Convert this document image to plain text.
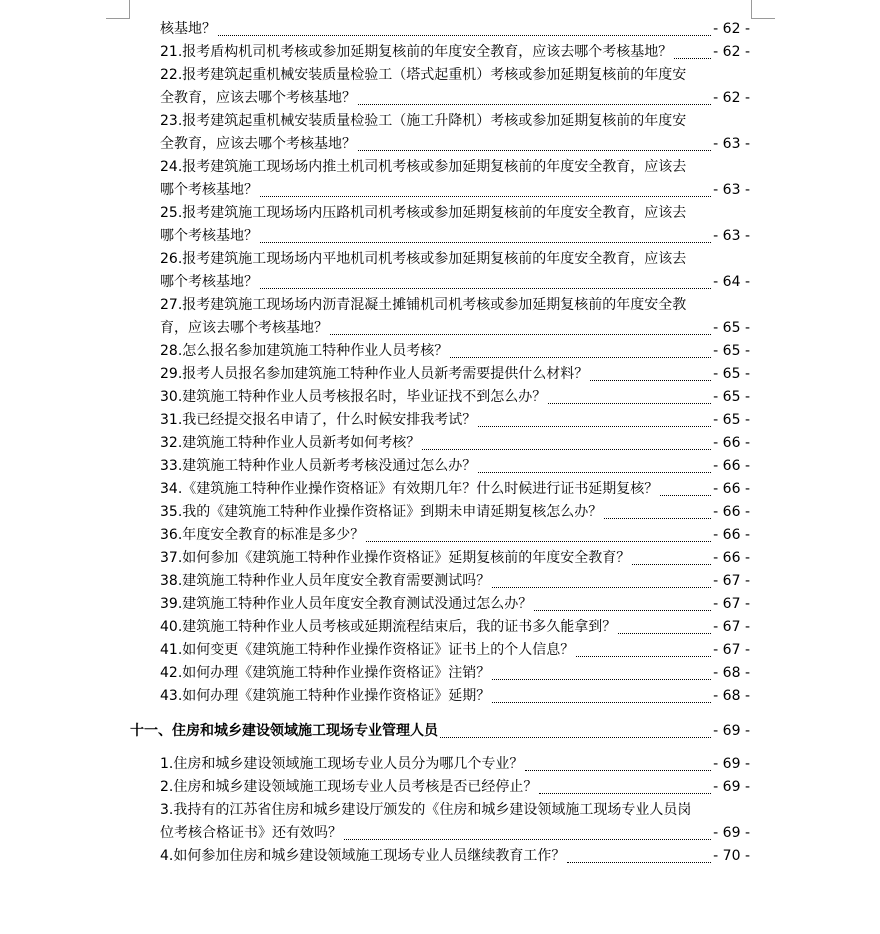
核基地？	- 62 -
21.报考盾构机司机考核或参加延期复核前的年度安全教育，应该去哪个考核基地？	- 62 -
22.报考建筑起重机械安装质量检验工（塔式起重机）考核或参加延期复核前的年度安
全教育，应该去哪个考核基地？	- 62 -
23.报考建筑起重机械安装质量检验工（施工升降机）考核或参加延期复核前的年度安
全教育，应该去哪个考核基地？	- 63 -
24.报考建筑施工现场场内推土机司机考核或参加延期复核前的年度安全教育，应该去
哪个考核基地？	- 63 -
25.报考建筑施工现场场内压路机司机考核或参加延期复核前的年度安全教育，应该去
哪个考核基地？	- 63 -
26.报考建筑施工现场场内平地机司机考核或参加延期复核前的年度安全教育，应该去
哪个考核基地？	- 64 -
27.报考建筑施工现场场内沥青混凝土摊铺机司机考核或参加延期复核前的年度安全教
育，应该去哪个考核基地？	- 65 -
28.怎么报名参加建筑施工特种作业人员考核？	- 65 -
29.报考人员报名参加建筑施工特种作业人员新考需要提供什么材料？	- 65 -
30.建筑施工特种作业人员考核报名时，毕业证找不到怎么办？	- 65 -
31.我已经提交报名申请了，什么时候安排我考试？	- 65 -
32.建筑施工特种作业人员新考如何考核？	- 66 -
33.建筑施工特种作业人员新考考核没通过怎么办？	- 66 -
34.《建筑施工特种作业操作资格证》有效期几年？什么时候进行证书延期复核？	- 66 -
35.我的《建筑施工特种作业操作资格证》到期未申请延期复核怎么办？	- 66 -
36.年度安全教育的标准是多少？	- 66 -
37.如何参加《建筑施工特种作业操作资格证》延期复核前的年度安全教育？	- 66 -
38.建筑施工特种作业人员年度安全教育需要测试吗？	- 67 -
39.建筑施工特种作业人员年度安全教育测试没通过怎么办？	- 67 -
40.建筑施工特种作业人员考核或延期流程结束后，我的证书多久能拿到？	- 67 -
41.如何变更《建筑施工特种作业操作资格证》证书上的个人信息？	- 67 -
42.如何办理《建筑施工特种作业操作资格证》注销？	- 68 -
43.如何办理《建筑施工特种作业操作资格证》延期？	- 68 -
十一、住房和城乡建设领域施工现场专业管理人员	- 69 -
1.住房和城乡建设领域施工现场专业人员分为哪几个专业？	- 69 -
2.住房和城乡建设领域施工现场专业人员考核是否已经停止？	- 69 -
3.我持有的江苏省住房和城乡建设厅颁发的《住房和城乡建设领域施工现场专业人员岗
位考核合格证书》还有效吗？	- 69 -
4.如何参加住房和城乡建设领域施工现场专业人员继续教育工作？	- 70 -
